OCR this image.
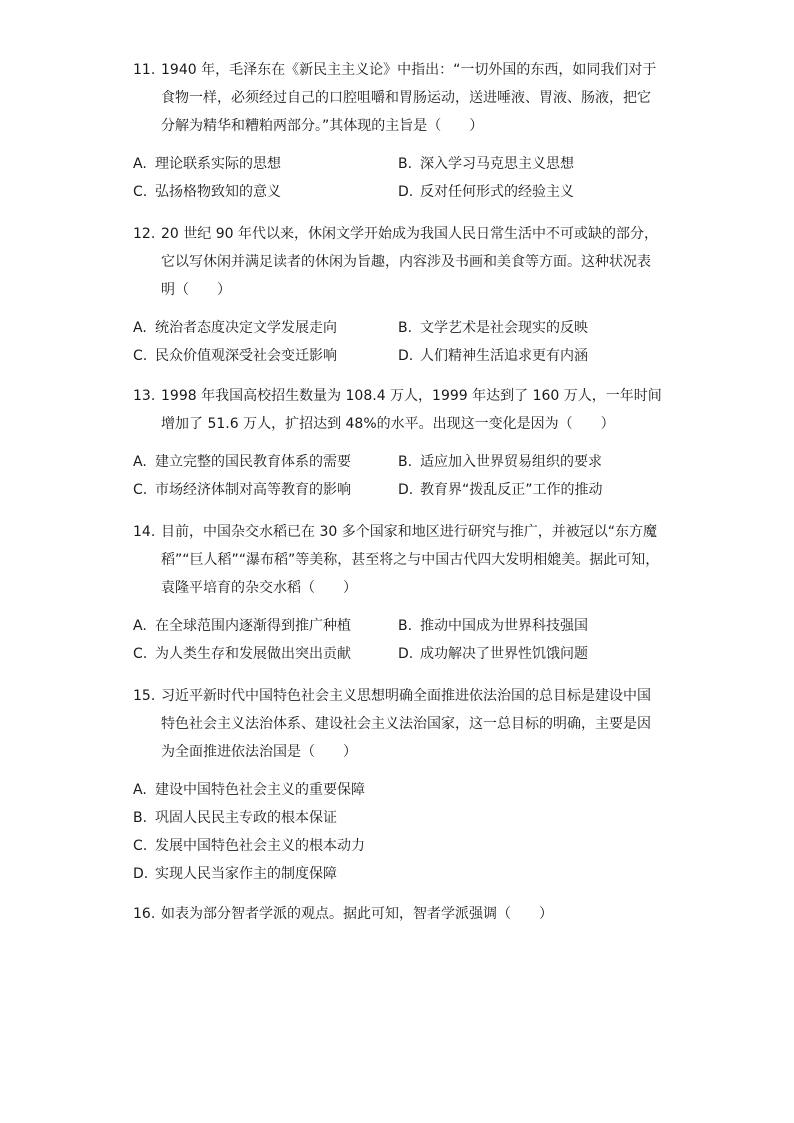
11. 1940 年，毛泽东在《新民主主义论》中指出：“一切外国的东西，如同我们对于食物一样，必须经过自己的口腔咀嚼和胃肠运动，送进唾液、胃液、肠液，把它分解为精华和糟粕两部分。”其体现的主旨是（　　）

A. 理论联系实际的思想	B. 深入学习马克思主义思想
C. 弘扬格物致知的意义	D. 反对任何形式的经验主义

12. 20 世纪 90 年代以来，休闲文学开始成为我国人民日常生活中不可或缺的部分，它以写休闲并满足读者的休闲为旨趣，内容涉及书画和美食等方面。这种状况表明（　　）

A. 统治者态度决定文学发展走向	B. 文学艺术是社会现实的反映
C. 民众价值观深受社会变迁影响	D. 人们精神生活追求更有内涵

13. 1998 年我国高校招生数量为 108.4 万人，1999 年达到了 160 万人，一年时间增加了 51.6 万人，扩招达到 48%的水平。出现这一变化是因为（　　）

A. 建立完整的国民教育体系的需要	B. 适应加入世界贸易组织的要求
C. 市场经济体制对高等教育的影响	D. 教育界“拨乱反正”工作的推动

14. 目前，中国杂交水稻已在 30 多个国家和地区进行研究与推广，并被冠以“东方魔稻”“巨人稻”“瀑布稻”等美称，甚至将之与中国古代四大发明相媲美。据此可知，袁隆平培育的杂交水稻（　　）

A. 在全球范围内逐渐得到推广种植	B. 推动中国成为世界科技强国
C. 为人类生存和发展做出突出贡献	D. 成功解决了世界性饥饿问题

15. 习近平新时代中国特色社会主义思想明确全面推进依法治国的总目标是建设中国特色社会主义法治体系、建设社会主义法治国家，这一总目标的明确，主要是因为全面推进依法治国是（　　）

A. 建设中国特色社会主义的重要保障
B. 巩固人民民主专政的根本保证
C. 发展中国特色社会主义的根本动力
D. 实现人民当家作主的制度保障

16. 如表为部分智者学派的观点。据此可知，智者学派强调（　　）
